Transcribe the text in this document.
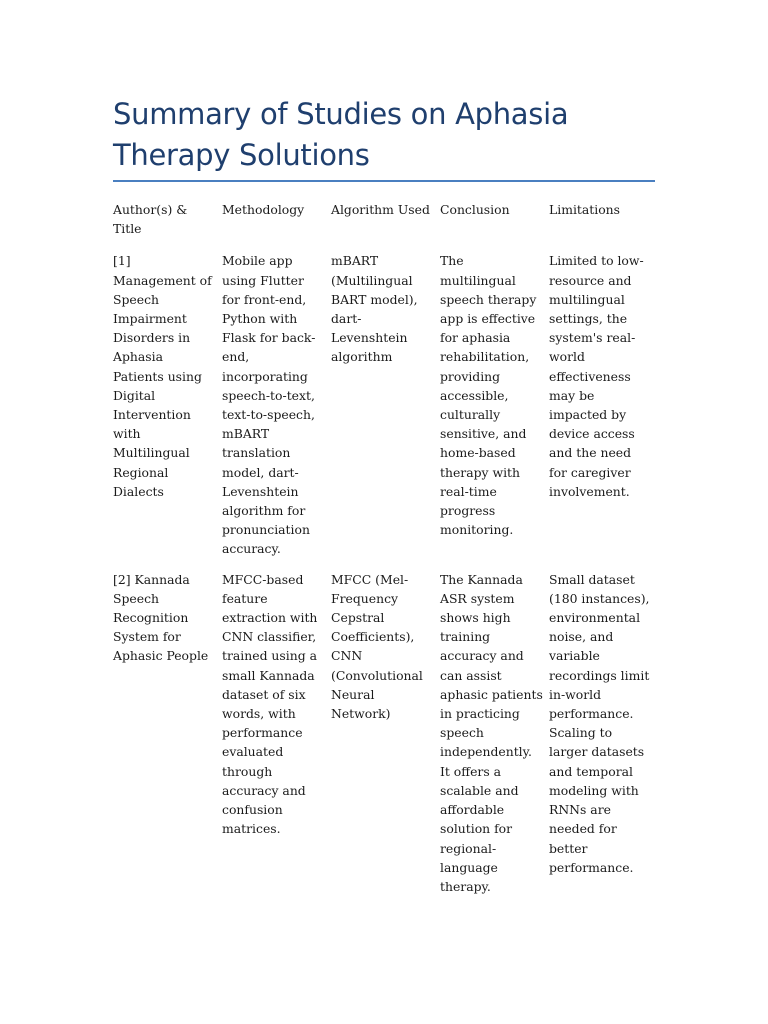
Summary of Studies on Aphasia Therapy Solutions
Author(s) & Title	Methodology	Algorithm Used	Conclusion	Limitations
[1] Management of Speech Impairment Disorders in Aphasia Patients using Digital Intervention with Multilingual Regional Dialects	Mobile app using Flutter for front-end, Python with Flask for back-end, incorporating speech-to-text, text-to-speech, mBART translation model, dart-Levenshtein algorithm for pronunciation accuracy.	mBART (Multilingual BART model), dart-Levenshtein algorithm	The multilingual speech therapy app is effective for aphasia rehabilitation, providing accessible, culturally sensitive, and home-based therapy with real-time progress monitoring.	Limited to low-resource and multilingual settings, the system's real-world effectiveness may be impacted by device access and the need for caregiver involvement.
[2] Kannada Speech Recognition System for Aphasic People	MFCC-based feature extraction with CNN classifier, trained using a small Kannada dataset of six words, with performance evaluated through accuracy and confusion matrices.	MFCC (Mel-Frequency Cepstral Coefficients), CNN (Convolutional Neural Network)	The Kannada ASR system shows high training accuracy and can assist aphasic patients in practicing speech independently. It offers a scalable and affordable solution for regional-language therapy.	Small dataset (180 instances), environmental noise, and variable recordings limit in-world performance. Scaling to larger datasets and temporal modeling with RNNs are needed for better performance.
